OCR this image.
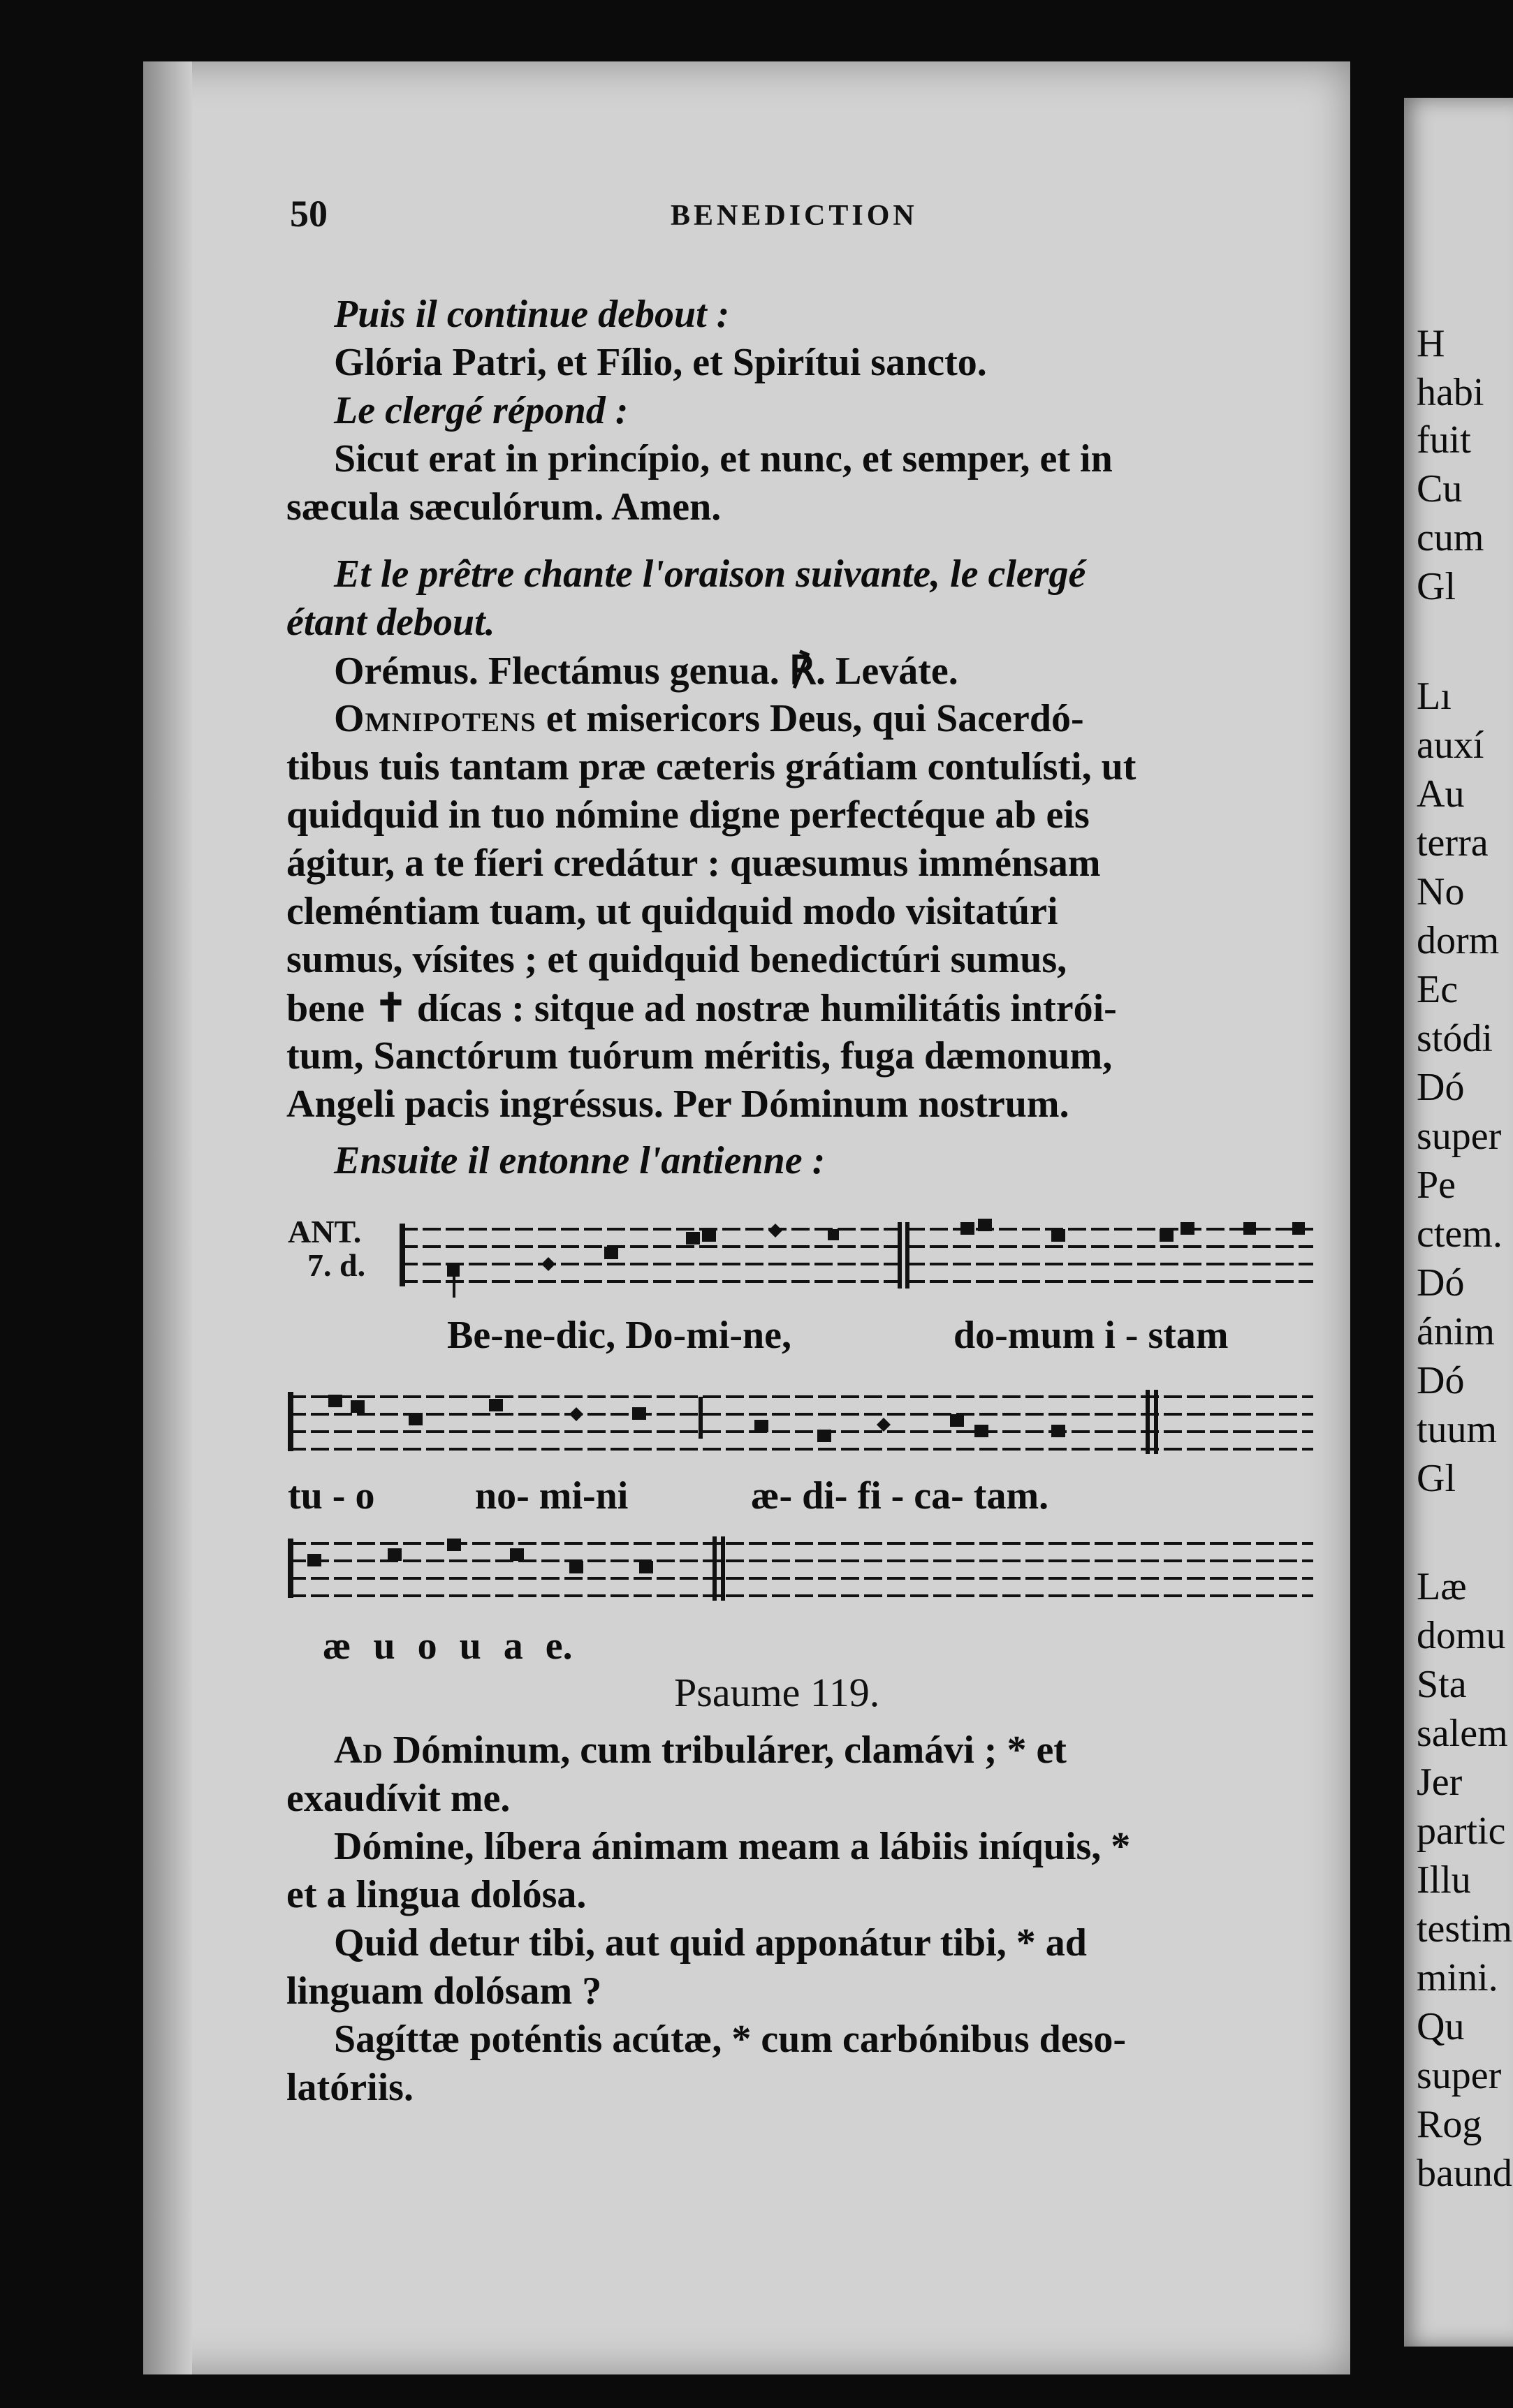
H
habi
fuit
Cu
cum
Gl
Lı
auxí
Au
terra
No
dorm
Ec
stódi
Dó
super
Pe
ctem.
Dó
ánim
Dó
tuum
Gl
Læ
domu
Sta
salem
Jer
partic
Illu
testim
mini.
Qu
super
Rog
baund
50	BENEDICTION
Puis il continue debout :
Glória Patri, et Fílio, et Spirítui sancto.
Le clergé répond :
Sicut erat in princípio, et nunc, et semper, et in
sæcula sæculórum. Amen.
Et le prêtre chante l'oraison suivante, le clergé
étant debout.
Orémus. Flectámus genua. ℟. Leváte.
Omnipotens et misericors Deus, qui Sacerdó-
tibus tuis tantam præ cæteris grátiam contulísti, ut
quidquid in tuo nómine digne perfectéque ab eis
ágitur, a te fíeri credátur : quæsumus imménsam
cleméntiam tuam, ut quidquid modo visitatúri
sumus, vísites ; et quidquid benedictúri sumus,
bene ✝ dícas : sitque ad nostræ humilitátis intrói-
tum, Sanctórum tuórum méritis, fuga dæmonum,
Angeli pacis ingréssus. Per Dóminum nostrum.
Ensuite il entonne l'antienne :
ANT.
7. d.
Be-ne-dic, Do-mi-ne,	do-mum i - stam
tu - o	no- mi-ni	æ- di- fi - ca- tam.
æ u o u a e.
Psaume 119.
Ad Dóminum, cum tribulárer, clamávi ; * et
exaudívit me.
Dómine, líbera ánimam meam a lábiis iníquis, *
et a lingua dolósa.
Quid detur tibi, aut quid apponátur tibi, * ad
linguam dolósam ?
Sagíttæ poténtis acútæ, * cum carbónibus deso-
latóriis.
